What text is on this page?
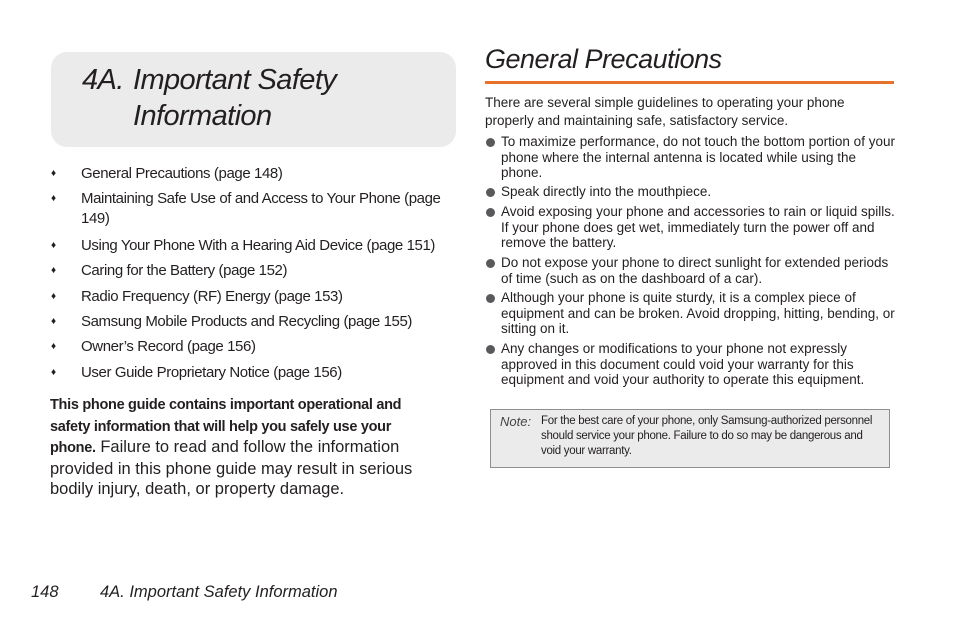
4A. Important Safety
Information
♦ General Precautions (page 148)
♦ Maintaining Safe Use of and Access to Your Phone (page 149)
♦ Using Your Phone With a Hearing Aid Device (page 151)
♦ Caring for the Battery (page 152)
♦ Radio Frequency (RF) Energy (page 153)
♦ Samsung Mobile Products and Recycling (page 155)
♦ Owner’s Record (page 156)
♦ User Guide Proprietary Notice (page 156)

This phone guide contains important operational and safety information that will help you safely use your phone. Failure to read and follow the information provided in this phone guide may result in serious bodily injury, death, or property damage.

General Precautions

There are several simple guidelines to operating your phone properly and maintaining safe, satisfactory service.

To maximize performance, do not touch the bottom portion of your phone where the internal antenna is located while using the phone.
Speak directly into the mouthpiece.
Avoid exposing your phone and accessories to rain or liquid spills. If your phone does get wet, immediately turn the power off and remove the battery.
Do not expose your phone to direct sunlight for extended periods of time (such as on the dashboard of a car).
Although your phone is quite sturdy, it is a complex piece of equipment and can be broken. Avoid dropping, hitting, bending, or sitting on it.
Any changes or modifications to your phone not expressly approved in this document could void your warranty for this equipment and void your authority to operate this equipment.
Note: For the best care of your phone, only Samsung-authorized personnel should service your phone. Failure to do so may be dangerous and void your warranty.

148	4A. Important Safety Information
